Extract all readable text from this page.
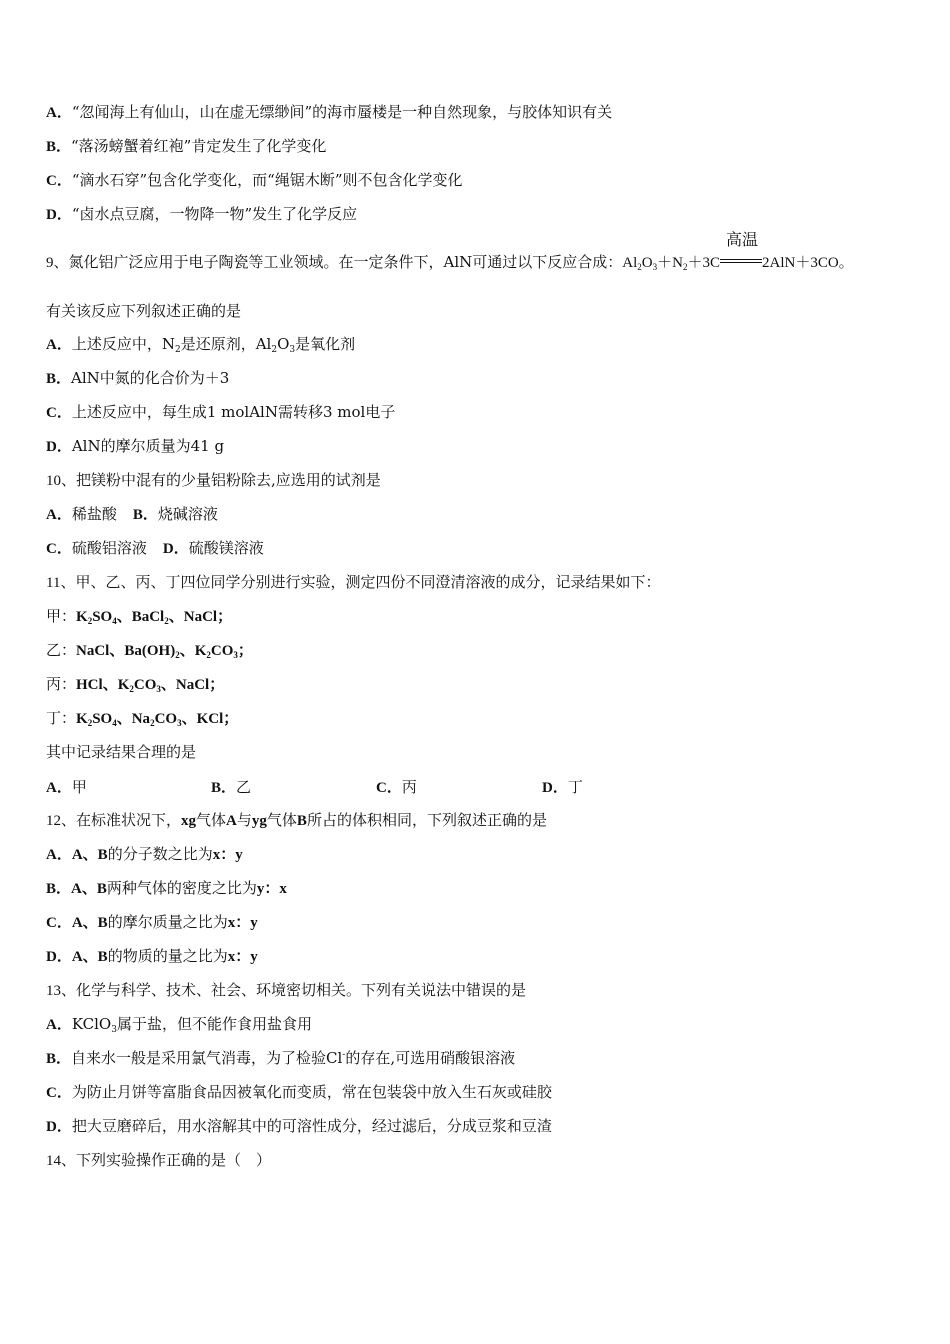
A．“忽闻海上有仙山，山在虚无缥缈间”的海市蜃楼是一种自然现象，与胶体知识有关
B．“落汤螃蟹着红袍”肯定发生了化学变化
C．“滴水石穿”包含化学变化，而“绳锯木断”则不包含化学变化
D．“卤水点豆腐，一物降一物”发生了化学反应
9、氮化铝广泛应用于电子陶瓷等工业领域。在一定条件下，AlN可通过以下反应合成：$Al_2O_3+N_2+3C$
高温
2AlN＋3CO。
有关该反应下列叙述正确的是
A．上述反应中，$N_2$是还原剂，$Al_2O_3$是氧化剂
B．AlN中氮的化合价为＋3
C．上述反应中，每生成1 molAlN需转移3 mol电子
D．AlN的摩尔质量为41 g
10、把镁粉中混有的少量铝粉除去,应选用的试剂是
A．稀盐酸 B．烧碱溶液
C．硫酸铝溶液 D．硫酸镁溶液
11、甲、乙、丙、丁四位同学分别进行实验，测定四份不同澄清溶液的成分，记录结果如下：
甲：$K_2SO_4$、BaCl$_2$、NaCl；
乙：NaCl、$Ba(OH)_2$、$K_2CO_3$；
丙：HCl、$K_2CO_3$、NaCl；
丁：$K_2SO_4$、$Na_2CO_3$、KCl；
其中记录结果合理的是
A．甲	B．乙	C．丙	D．丁
12、在标准状况下，xg气体A与yg气体B所占的体积相同，下列叙述正确的是
A．A、B的分子数之比为x：y
B．A、B两种气体的密度之比为y：x
C．A、B的摩尔质量之比为x：y
D．A、B的物质的量之比为x：y
13、化学与科学、技术、社会、环境密切相关。下列有关说法中错误的是
A．KClO$_3$属于盐，但不能作食用盐食用
B．自来水一般是采用氯气消毒，为了检验Cl-的存在,可选用硝酸银溶液
C．为防止月饼等富脂食品因被氧化而变质，常在包装袋中放入生石灰或硅胶
D．把大豆磨碎后，用水溶解其中的可溶性成分，经过滤后，分成豆浆和豆渣
14、下列实验操作正确的是（　）
